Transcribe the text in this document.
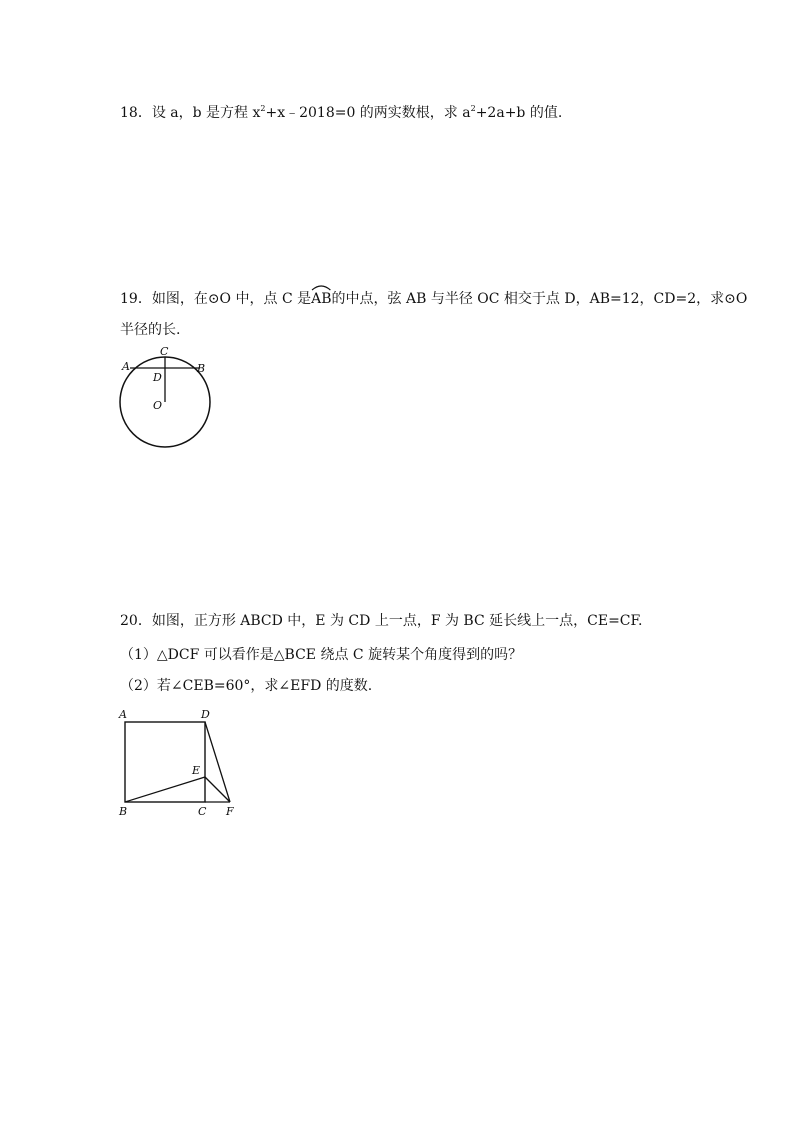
18．设 a，b 是方程 $x^2+x﹣2018=0$ 的两实数根，求 $a^2+2a+b$ 的值.
19．如图，在⊙O 中，点 C 是
AB的中点，弦 AB 与半径 OC 相交于点 D，AB=12，CD=2，求⊙O
半径的长.
A	B
C
D
O
20．如图，正方形 ABCD 中，E 为 CD 上一点，F 为 BC 延长线上一点，CE=CF.
（1）△DCF 可以看作是△BCE 绕点 C 旋转某个角度得到的吗？
（2）若∠CEB=60°，求∠EFD 的度数.
A	D
E
B	C F
